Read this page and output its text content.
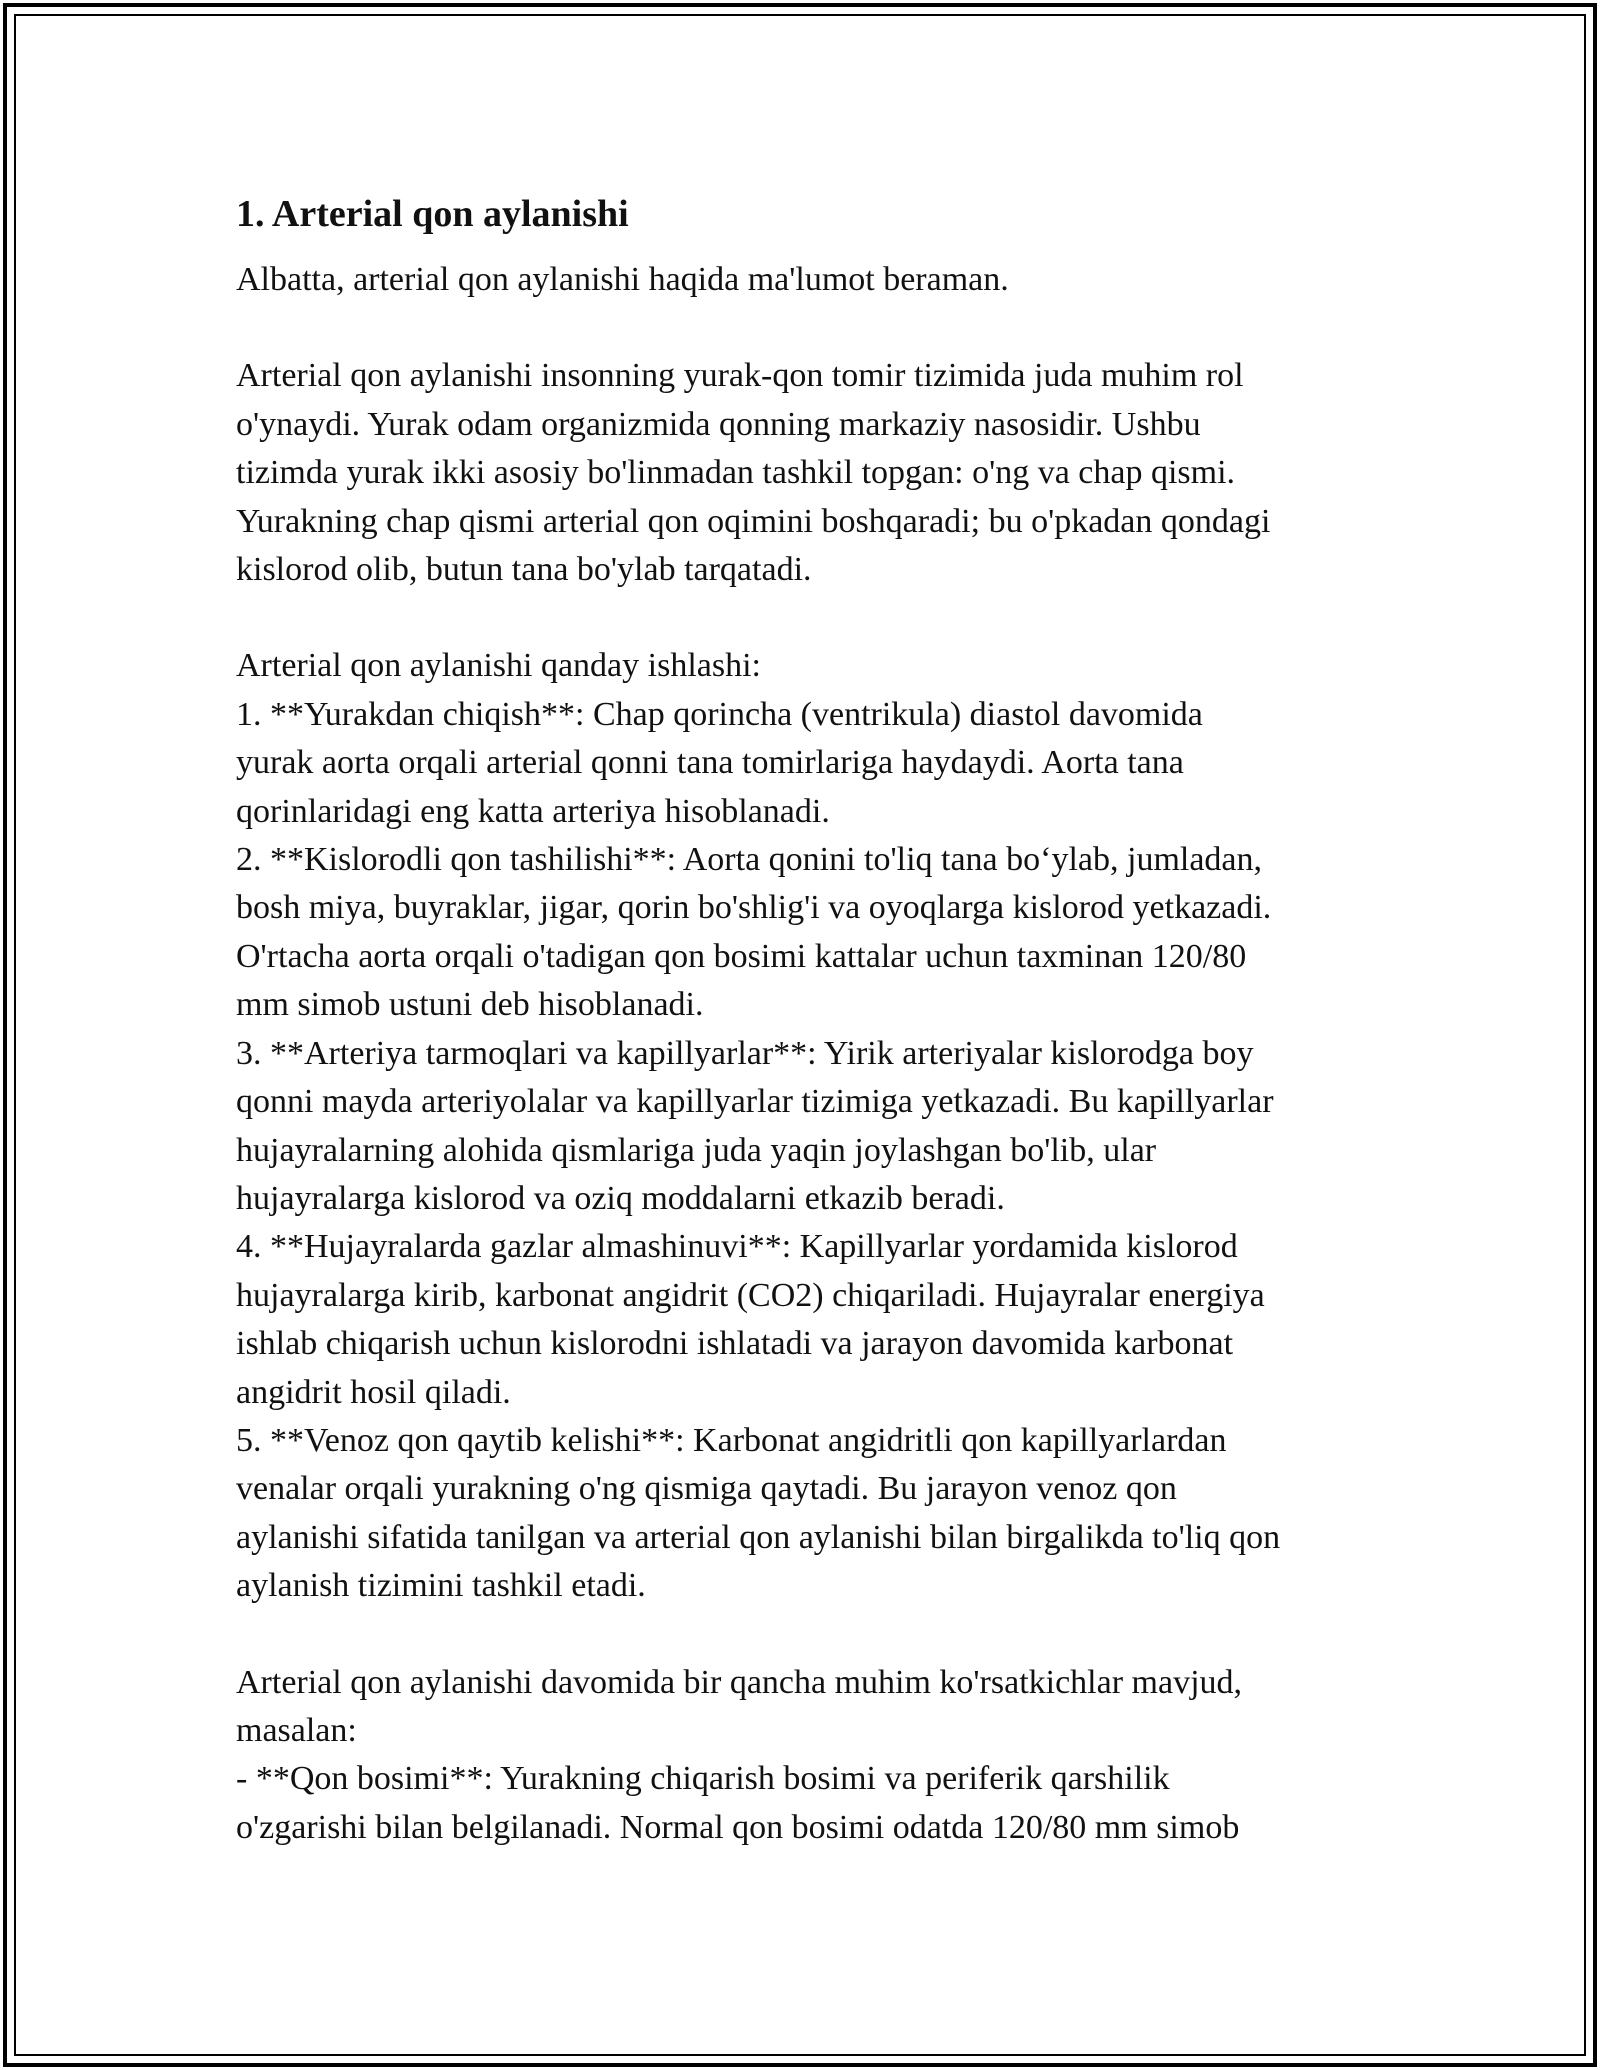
1. Arterial qon aylanishi

Albatta, arterial qon aylanishi haqida ma'lumot beraman.

Arterial qon aylanishi insonning yurak-qon tomir tizimida juda muhim rol
o'ynaydi. Yurak odam organizmida qonning markaziy nasosidir. Ushbu
tizimda yurak ikki asosiy bo'linmadan tashkil topgan: o'ng va chap qismi.
Yurakning chap qismi arterial qon oqimini boshqaradi; bu o'pkadan qondagi
kislorod olib, butun tana bo'ylab tarqatadi.

Arterial qon aylanishi qanday ishlashi:

1. **Yurakdan chiqish**: Chap qorincha (ventrikula) diastol davomida
yurak aorta orqali arterial qonni tana tomirlariga haydaydi. Aorta tana
qorinlaridagi eng katta arteriya hisoblanadi.

2. **Kislorodli qon tashilishi**: Aorta qonini to'liq tana bo‘ylab, jumladan,
bosh miya, buyraklar, jigar, qorin bo'shlig'i va oyoqlarga kislorod yetkazadi.
O'rtacha aorta orqali o'tadigan qon bosimi kattalar uchun taxminan 120/80
mm simob ustuni deb hisoblanadi.

3. **Arteriya tarmoqlari va kapillyarlar**: Yirik arteriyalar kislorodga boy
qonni mayda arteriyolalar va kapillyarlar tizimiga yetkazadi. Bu kapillyarlar
hujayralarning alohida qismlariga juda yaqin joylashgan bo'lib, ular
hujayralarga kislorod va oziq moddalarni etkazib beradi.

4. **Hujayralarda gazlar almashinuvi**: Kapillyarlar yordamida kislorod
hujayralarga kirib, karbonat angidrit (CO2) chiqariladi. Hujayralar energiya
ishlab chiqarish uchun kislorodni ishlatadi va jarayon davomida karbonat
angidrit hosil qiladi.

5. **Venoz qon qaytib kelishi**: Karbonat angidritli qon kapillyarlardan
venalar orqali yurakning o'ng qismiga qaytadi. Bu jarayon venoz qon
aylanishi sifatida tanilgan va arterial qon aylanishi bilan birgalikda to'liq qon
aylanish tizimini tashkil etadi.

Arterial qon aylanishi davomida bir qancha muhim ko'rsatkichlar mavjud,
masalan:

- **Qon bosimi**: Yurakning chiqarish bosimi va periferik qarshilik
o'zgarishi bilan belgilanadi. Normal qon bosimi odatda 120/80 mm simob
